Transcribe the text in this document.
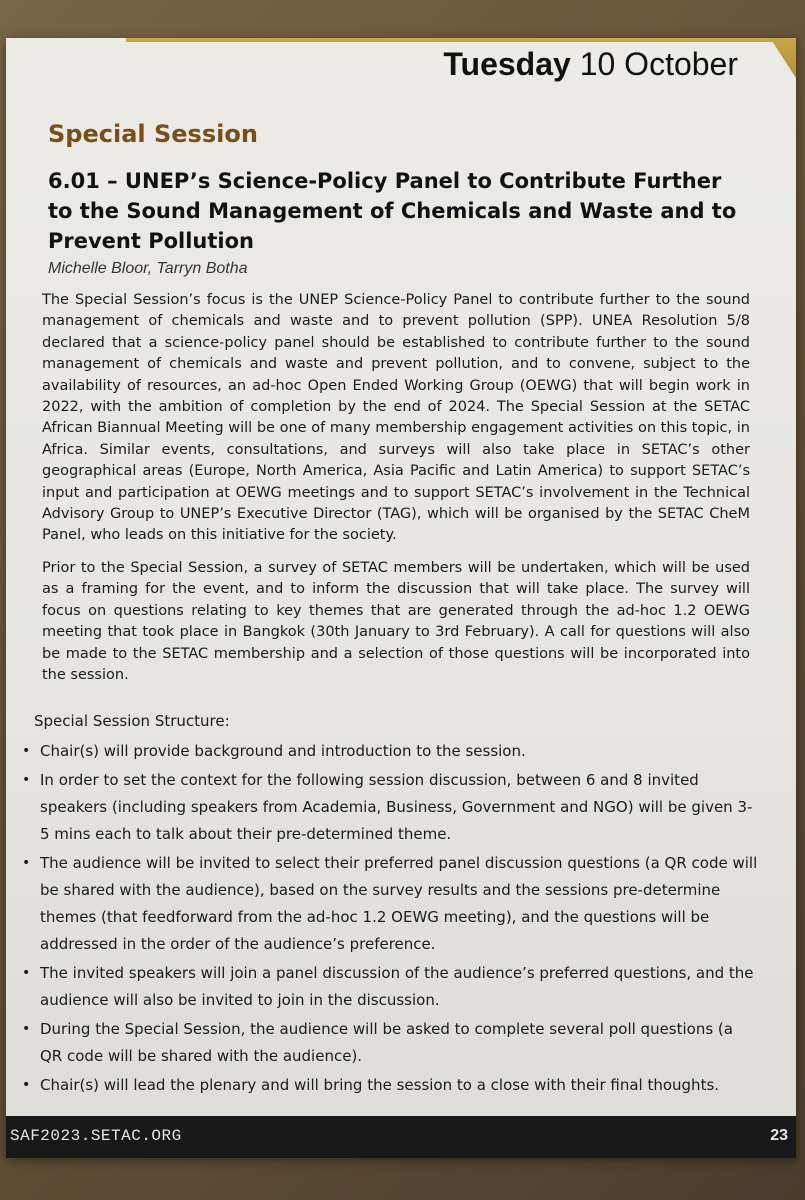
Tuesday 10 October
Special Session
6.01 – UNEP’s Science-Policy Panel to Contribute Further to the Sound Management of Chemicals and Waste and to Prevent Pollution
Michelle Bloor, Tarryn Botha
The Special Session’s focus is the UNEP Science-Policy Panel to contribute further to the sound management of chemicals and waste and to prevent pollution (SPP). UNEA Resolution 5/8 declared that a science-policy panel should be established to contribute further to the sound management of chemicals and waste and prevent pollution, and to convene, subject to the availability of resources, an ad-hoc Open Ended Working Group (OEWG) that will begin work in 2022, with the ambition of completion by the end of 2024. The Special Session at the SETAC African Biannual Meeting will be one of many membership engagement activities on this topic, in Africa. Similar events, consultations, and surveys will also take place in SETAC’s other geographical areas (Europe, North America, Asia Pacific and Latin America) to support SETAC’s input and participation at OEWG meetings and to support SETAC’s involvement in the Technical Advisory Group to UNEP’s Executive Director (TAG), which will be organised by the SETAC CheM Panel, who leads on this initiative for the society.
Prior to the Special Session, a survey of SETAC members will be undertaken, which will be used as a framing for the event, and to inform the discussion that will take place. The survey will focus on questions relating to key themes that are generated through the ad-hoc 1.2 OEWG meeting that took place in Bangkok (30th January to 3rd February). A call for questions will also be made to the SETAC membership and a selection of those questions will be incorporated into the session.
Special Session Structure:
• Chair(s) will provide background and introduction to the session.
• In order to set the context for the following session discussion, between 6 and 8 invited speakers (including speakers from Academia, Business, Government and NGO) will be given 3-5 mins each to talk about their pre-determined theme.
• The audience will be invited to select their preferred panel discussion questions (a QR code will be shared with the audience), based on the survey results and the sessions pre-determine themes (that feedforward from the ad-hoc 1.2 OEWG meeting), and the questions will be addressed in the order of the audience’s preference.
• The invited speakers will join a panel discussion of the audience’s preferred questions, and the audience will also be invited to join in the discussion.
• During the Special Session, the audience will be asked to complete several poll questions (a QR code will be shared with the audience).
• Chair(s) will lead the plenary and will bring the session to a close with their final thoughts.
SAF2023.SETAC.ORG	23
